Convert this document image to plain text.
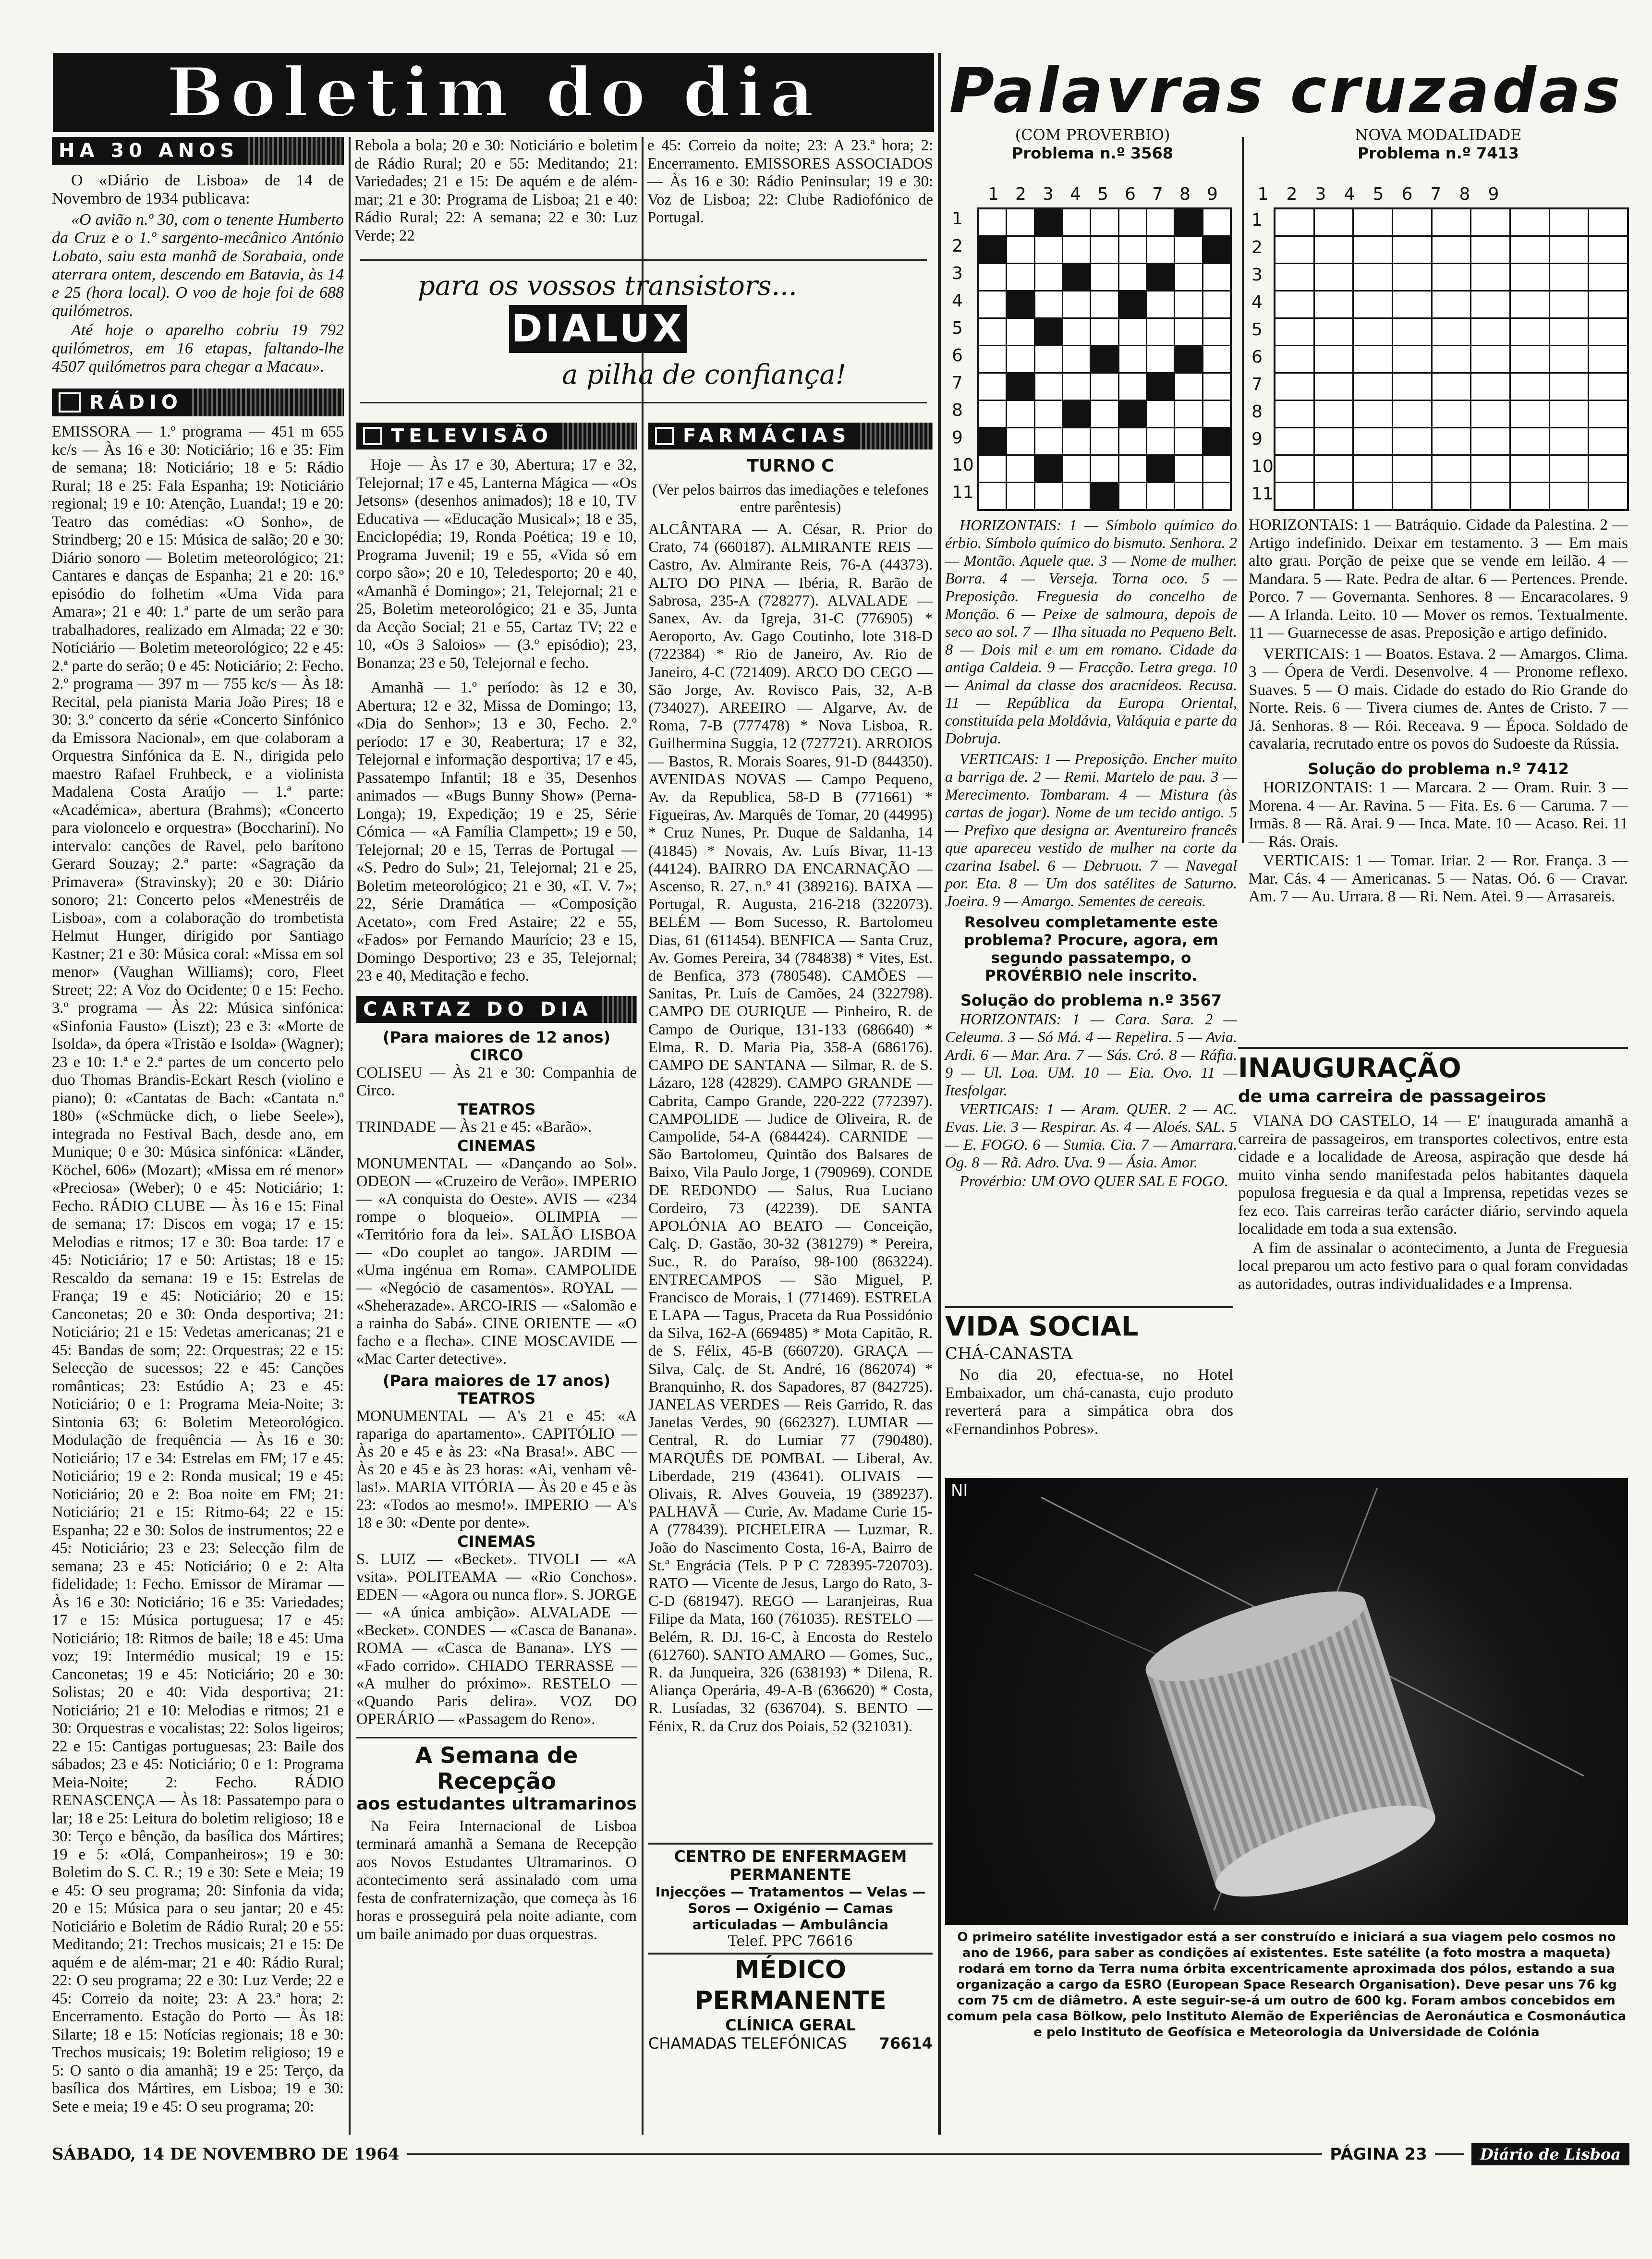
Boletim do dia Palavras cruzadas
HA 30 ANOS

O «Diário de Lisboa» de 14 de Novembro de 1934 publicava:

«O avião n.º 30, com o tenente Humberto da Cruz e o 1.º sargento-mecânico António Lobato, saiu esta manhã de Sorabaia, onde aterrara ontem, descendo em Batavia, às 14 e 25 (hora local). O voo de hoje foi de 688 quilómetros.

Até hoje o aparelho cobriu 19 792 quilómetros, em 16 etapas, faltando-lhe 4507 quilómetros para chegar a Macau».

RÁDIO
EMISSORA — 1.º programa — 451 m 655 kc/s — Às 16 e 30: Noticiário; 16 e 35: Fim de semana; 18: Noticiário; 18 e 5: Rádio Rural; 18 e 25: Fala Espanha; 19: Noticiário regional; 19 e 10: Atenção, Luanda!; 19 e 20: Teatro das comédias: «O Sonho», de Strindberg; 20 e 15: Música de salão; 20 e 30: Diário sonoro — Boletim meteorológico; 21: Cantares e danças de Espanha; 21 e 20: 16.º episódio do folhetim «Uma Vida para Amara»; 21 e 40: 1.ª parte de um serão para trabalhadores, realizado em Almada; 22 e 30: Noticiário — Boletim meteorológico; 22 e 45: 2.ª parte do serão; 0 e 45: Noticiário; 2: Fecho. 2.º programa — 397 m — 755 kc/s — Às 18: Recital, pela pianista Maria João Pires; 18 e 30: 3.º concerto da série «Concerto Sinfónico da Emissora Nacional», em que colaboram a Orquestra Sinfónica da E. N., dirigida pelo maestro Rafael Fruhbeck, e a violinista Madalena Costa Araújo — 1.ª parte: «Académica», abertura (Brahms); «Concerto para violoncelo e orquestra» (Bocchariní). No intervalo: canções de Ravel, pelo barítono Gerard Souzay; 2.ª parte: «Sagração da Primavera» (Stravinsky); 20 e 30: Diário sonoro; 21: Concerto pelos «Menestréis de Lisboa», com a colaboração do trombetista Helmut Hunger, dirigido por Santiago Kastner; 21 e 30: Música coral: «Missa em sol menor» (Vaughan Williams); coro, Fleet Street; 22: A Voz do Ocidente; 0 e 15: Fecho. 3.º programa — Às 22: Música sinfónica: «Sinfonia Fausto» (Liszt); 23 e 3: «Morte de Isolda», da ópera «Tristão e Isolda» (Wagner); 23 e 10: 1.ª e 2.ª partes de um concerto pelo duo Thomas Brandis-Eckart Resch (violino e piano); 0: «Cantatas de Bach: «Cantata n.º 180» («Schmücke dich, o liebe Seele»), integrada no Festival Bach, desde ano, em Munique; 0 e 30: Música sinfónica: «Länder, Köchel, 606» (Mozart); «Missa em ré menor» «Preciosa» (Weber); 0 e 45: Noticiário; 1: Fecho. RÁDIO CLUBE — Às 16 e 15: Final de semana; 17: Discos em voga; 17 e 15: Melodias e ritmos; 17 e 30: Boa tarde: 17 e 45: Noticiário; 17 e 50: Artistas; 18 e 15: Rescaldo da semana: 19 e 15: Estrelas de França; 19 e 45: Noticiário; 20 e 15: Canconetas; 20 e 30: Onda desportiva; 21: Noticiário; 21 e 15: Vedetas americanas; 21 e 45: Bandas de som; 22: Orquestras; 22 e 15: Selecção de sucessos; 22 e 45: Canções românticas; 23: Estúdio A; 23 e 45: Noticiário; 0 e 1: Programa Meia-Noite; 3: Sintonia 63; 6: Boletim Meteorológico. Modulação de frequência — Às 16 e 30: Noticiário; 17 e 34: Estrelas em FM; 17 e 45: Noticiário; 19 e 2: Ronda musical; 19 e 45: Noticiário; 20 e 2: Boa noite em FM; 21: Noticiário; 21 e 15: Ritmo-64; 22 e 15: Espanha; 22 e 30: Solos de instrumentos; 22 e 45: Noticiário; 23 e 23: Selecção film de semana; 23 e 45: Noticiário; 0 e 2: Alta fidelidade; 1: Fecho. Emissor de Miramar — Às 16 e 30: Noticiário; 16 e 35: Variedades; 17 e 15: Música portuguesa; 17 e 45: Noticiário; 18: Ritmos de baile; 18 e 45: Uma voz; 19: Intermédio musical; 19 e 15: Canconetas; 19 e 45: Noticiário; 20 e 30: Solistas; 20 e 40: Vida desportiva; 21: Noticiário; 21 e 10: Melodias e ritmos; 21 e 30: Orquestras e vocalistas; 22: Solos ligeiros; 22 e 15: Cantigas portuguesas; 23: Baile dos sábados; 23 e 45: Noticiário; 0 e 1: Programa Meia-Noite; 2: Fecho. RÁDIO RENASCENÇA — Às 18: Passatempo para o lar; 18 e 25: Leitura do boletim religioso; 18 e 30: Terço e bênção, da basílica dos Mártires; 19 e 5: «Olá, Companheiros»; 19 e 30: Boletim do S. C. R.; 19 e 30: Sete e Meia; 19 e 45: O seu programa; 20: Sinfonia da vida; 20 e 15: Música para o seu jantar; 20 e 45: Noticiário e Boletim de Rádio Rural; 20 e 55: Meditando; 21: Trechos musicais; 21 e 15: De aquém e de além-mar; 21 e 40: Rádio Rural; 22: O seu programa; 22 e 30: Luz Verde; 22 e 45: Correio da noite; 23: A 23.ª hora; 2: Encerramento. Estação do Porto — Às 18: Silarte; 18 e 15: Notícias regionais; 18 e 30: Trechos musicais; 19: Boletim religioso; 19 e 5: O santo o dia amanhã; 19 e 25: Terço, da basílica dos Mártires, em Lisboa; 19 e 30: Sete e meia; 19 e 45: O seu programa; 20:
Rebola a bola; 20 e 30: Noticiário e boletim de Rádio Rural; 20 e 55: Meditando; 21: Variedades; 21 e 15: De aquém e de além-mar; 21 e 30: Programa de Lisboa; 21 e 40: Rádio Rural; 22: A semana; 22 e 30: Luz Verde; 22
e 45: Correio da noite; 23: A 23.ª hora; 2: Encerramento. EMISSORES ASSOCIADOS — Às 16 e 30: Rádio Peninsular; 19 e 30: Voz de Lisboa; 22: Clube Radiofónico de Portugal.
para os vossos transistors...
DIALUX
a pilha de confiança!
TELEVISÃO

Hoje — Às 17 e 30, Abertura; 17 e 32, Telejornal; 17 e 45, Lanterna Mágica — «Os Jetsons» (desenhos animados); 18 e 10, TV Educativa — «Educação Musical»; 18 e 35, Enciclopédia; 19, Ronda Poética; 19 e 10, Programa Juvenil; 19 e 55, «Vida só em corpo são»; 20 e 10, Teledesporto; 20 e 40, «Amanhã é Domingo»; 21, Telejornal; 21 e 25, Boletim meteorológico; 21 e 35, Junta da Acção Social; 21 e 55, Cartaz TV; 22 e 10, «Os 3 Saloios» — (3.º episódio); 23, Bonanza; 23 e 50, Telejornal e fecho.

Amanhã — 1.º período: às 12 e 30, Abertura; 12 e 32, Missa de Domingo; 13, «Dia do Senhor»; 13 e 30, Fecho. 2.º período: 17 e 30, Reabertura; 17 e 32, Telejornal e informação desportiva; 17 e 45, Passatempo Infantil; 18 e 35, Desenhos animados — «Bugs Bunny Show» (Perna-Longa); 19, Expedição; 19 e 25, Série Cómica — «A Família Clampett»; 19 e 50, Telejornal; 20 e 15, Terras de Portugal — «S. Pedro do Sul»; 21, Telejornal; 21 e 25, Boletim meteorológico; 21 e 30, «T. V. 7»; 22, Série Dramática — «Composição Acetato», com Fred Astaire; 22 e 55, «Fados» por Fernando Maurício; 23 e 15, Domingo Desportivo; 23 e 35, Telejornal; 23 e 40, Meditação e fecho.

CARTAZ DO DIA
(Para maiores de 12 anos)
CIRCO

COLISEU — Às 21 e 30: Companhia de Circo.

TEATROS

TRINDADE — Às 21 e 45: «Barão».

CINEMAS

MONUMENTAL — «Dançando ao Sol». ODEON — «Cruzeiro de Verão». IMPERIO — «A conquista do Oeste». AVIS — «234 rompe o bloqueio». OLIMPIA — «Território fora da lei». SALÃO LISBOA — «Do couplet ao tango». JARDIM — «Uma ingénua em Roma». CAMPOLIDE — «Negócio de casamentos». ROYAL — «Sheherazade». ARCO-IRIS — «Salomão e a rainha do Sabá». CINE ORIENTE — «O facho e a flecha». CINE MOSCAVIDE — «Mac Carter detective».

(Para maiores de 17 anos)
TEATROS

MONUMENTAL — A's 21 e 45: «A rapariga do apartamento». CAPITÓLIO — Às 20 e 45 e às 23: «Na Brasa!». ABC — Às 20 e 45 e às 23 horas: «Ai, venham vê-las!». MARIA VITÓRIA — Às 20 e 45 e às 23: «Todos ao mesmo!». IMPERIO — A's 18 e 30: «Dente por dente».

CINEMAS

S. LUIZ — «Becket». TIVOLI — «A vsita». POLITEAMA — «Rio Conchos». EDEN — «Agora ou nunca flor». S. JORGE — «A única ambição». ALVALADE — «Becket». CONDES — «Casca de Banana». ROMA — «Casca de Banana». LYS — «Fado corrido». CHIADO TERRASSE — «A mulher do próximo». RESTELO — «Quando Paris delira». VOZ DO OPERÁRIO — «Passagem do Reno».

A Semana de Recepção
aos estudantes ultramarinos
Na Feira Internacional de Lisboa terminará amanhã a Semana de Recepção aos Novos Estudantes Ultramarinos. O acontecimento será assinalado com uma festa de confraternização, que começa às 16 horas e prosseguirá pela noite adiante, com um baile animado por duas orquestras.
FARMÁCIAS
TURNO C
(Ver pelos bairros das imediações e telefones entre parêntesis)
ALCÂNTARA — A. César, R. Prior do Crato, 74 (660187). ALMIRANTE REIS — Castro, Av. Almirante Reis, 76-A (44373). ALTO DO PINA — Ibéria, R. Barão de Sabrosa, 235-A (728277). ALVALADE — Sanex, Av. da Igreja, 31-C (776905) * Aeroporto, Av. Gago Coutinho, lote 318-D (722384) * Rio de Janeiro, Av. Rio de Janeiro, 4-C (721409). ARCO DO CEGO — São Jorge, Av. Rovisco Pais, 32, A-B (734027). AREEIRO — Algarve, Av. de Roma, 7-B (777478) * Nova Lisboa, R. Guilhermina Suggia, 12 (727721). ARROIOS — Bastos, R. Morais Soares, 91-D (844350). AVENIDAS NOVAS — Campo Pequeno, Av. da Republica, 58-D B (771661) * Figueiras, Av. Marquês de Tomar, 20 (44995) * Cruz Nunes, Pr. Duque de Saldanha, 14 (41845) * Novais, Av. Luís Bivar, 11-13 (44124). BAIRRO DA ENCARNAÇÃO — Ascenso, R. 27, n.º 41 (389216). BAIXA — Portugal, R. Augusta, 216-218 (322073). BELÉM — Bom Sucesso, R. Bartolomeu Dias, 61 (611454). BENFICA — Santa Cruz, Av. Gomes Pereira, 34 (784838) * Vites, Est. de Benfica, 373 (780548). CAMÕES — Sanitas, Pr. Luís de Camões, 24 (322798). CAMPO DE OURIQUE — Pinheiro, R. de Campo de Ourique, 131-133 (686640) * Elma, R. D. Maria Pia, 358-A (686176). CAMPO DE SANTANA — Silmar, R. de S. Lázaro, 128 (42829). CAMPO GRANDE — Cabrita, Campo Grande, 220-222 (772397). CAMPOLIDE — Judice de Oliveira, R. de Campolide, 54-A (684424). CARNIDE — São Bartolomeu, Quintão dos Balsares de Baixo, Vila Paulo Jorge, 1 (790969). CONDE DE REDONDO — Salus, Rua Luciano Cordeiro, 73 (42239). DE SANTA APOLÓNIA AO BEATO — Conceição, Calç. D. Gastão, 30-32 (381279) * Pereira, Suc., R. do Paraíso, 98-100 (863224). ENTRECAMPOS — São Miguel, P. Francisco de Morais, 1 (771469). ESTRELA E LAPA — Tagus, Praceta da Rua Possidónio da Silva, 162-A (669485) * Mota Capitão, R. de S. Félix, 45-B (660720). GRAÇA — Silva, Calç. de St. André, 16 (862074) * Branquinho, R. dos Sapadores, 87 (842725). JANELAS VERDES — Reis Garrido, R. das Janelas Verdes, 90 (662327). LUMIAR — Central, R. do Lumiar 77 (790480). MARQUÊS DE POMBAL — Liberal, Av. Liberdade, 219 (43641). OLIVAIS — Olivais, R. Alves Gouveia, 19 (389237). PALHAVÃ — Curie, Av. Madame Curie 15-A (778439). PICHELEIRA — Luzmar, R. João do Nascimento Costa, 16-A, Bairro de St.ª Engrácia (Tels. P P C 728395-720703). RATO — Vicente de Jesus, Largo do Rato, 3-C-D (681947). REGO — Laranjeiras, Rua Filipe da Mata, 160 (761035). RESTELO — Belém, R. DJ. 16-C, à Encosta do Restelo (612760). SANTO AMARO — Gomes, Suc., R. da Junqueira, 326 (638193) * Dilena, R. Aliança Operária, 49-A-B (636620) * Costa, R. Lusíadas, 32 (636704). S. BENTO — Fénix, R. da Cruz dos Poiais, 52 (321031).
CENTRO DE ENFERMAGEM PERMANENTE
Injecções — Tratamentos — Velas — Soros — Oxigénio — Camas articuladas — Ambulância
Telef. PPC 76616
MÉDICO PERMANENTE
CLÍNICA GERAL
CHAMADAS TELEFÓNICAS 76614
(COM PROVERBIO)
Problema n.º 3568
1 2 3 4 5 6 7 8 9
1
2
3
4
5
6
7
8
9
10
11
NOVA MODALIDADE
Problema n.º 7413
1	2	3	4	5	6	7	8	9
1
2
3
4
5
6
7
8
9
10
11

HORIZONTAIS: 1 — Símbolo químico do érbio. Símbolo químico do bismuto. Senhora. 2 — Montão. Aquele que. 3 — Nome de mulher. Borra. 4 — Verseja. Torna oco. 5 — Preposição. Freguesia do concelho de Monção. 6 — Peixe de salmoura, depois de seco ao sol. 7 — Ilha situada no Pequeno Belt. 8 — Dois mil e um em romano. Cidade da antiga Caldeia. 9 — Fracção. Letra grega. 10 — Animal da classe dos aracnídeos. Recusa. 11 — República da Europa Oriental, constituída pela Moldávia, Valáquia e parte da Dobruja.

VERTICAIS: 1 — Preposição. Encher muito a barriga de. 2 — Remi. Martelo de pau. 3 — Merecimento. Tombaram. 4 — Mistura (às cartas de jogar). Nome de um tecido antigo. 5 — Prefixo que designa ar. Aventureiro francês que apareceu vestido de mulher na corte da czarina Isabel. 6 — Debruou. 7 — Navegal por. Eta. 8 — Um dos satélites de Saturno. Joeira. 9 — Amargo. Sementes de cereais.

Resolveu completamente este problema? Procure, agora, em segundo passatempo, o PROVÉRBIO nele inscrito.

Solução do problema n.º 3567

HORIZONTAIS: 1 — Cara. Sara. 2 — Celeuma. 3 — Só Má. 4 — Repelira. 5 — Avia. Ardi. 6 — Mar. Ara. 7 — Sás. Cró. 8 — Ráfia. 9 — Ul. Loa. UM. 10 — Eia. Ovo. 11 — Itesfolgar.

VERTICAIS: 1 — Aram. QUER. 2 — AC. Evas. Lie. 3 — Respirar. As. 4 — Aloés. SAL. 5 — E. FOGO. 6 — Sumia. Cia. 7 — Amarrara. Og. 8 — Rã. Adro. Uva. 9 — Ásia. Amor.

Provérbio: UM OVO QUER SAL E FOGO.

HORIZONTAIS: 1 — Batráquio. Cidade da Palestina. 2 — Artigo indefinido. Deixar em testamento. 3 — Em mais alto grau. Porção de peixe que se vende em leilão. 4 — Mandara. 5 — Rate. Pedra de altar. 6 — Pertences. Prende. Porco. 7 — Governanta. Senhores. 8 — Encaracolares. 9 — A Irlanda. Leito. 10 — Mover os remos. Textualmente. 11 — Guarnecesse de asas. Preposição e artigo definido.

VERTICAIS: 1 — Boatos. Estava. 2 — Amargos. Clima. 3 — Ópera de Verdi. Desenvolve. 4 — Pronome reflexo. Suaves. 5 — O mais. Cidade do estado do Rio Grande do Norte. Reis. 6 — Tivera ciumes de. Antes de Cristo. 7 — Já. Senhoras. 8 — Rói. Receava. 9 — Época. Soldado de cavalaria, recrutado entre os povos do Sudoeste da Rússia.

Solução do problema n.º 7412

HORIZONTAIS: 1 — Marcara. 2 — Oram. Ruir. 3 — Morena. 4 — Ar. Ravina. 5 — Fita. Es. 6 — Caruma. 7 — Irmãs. 8 — Rã. Arai. 9 — Inca. Mate. 10 — Acaso. Rei. 11 — Rás. Orais.

VERTICAIS: 1 — Tomar. Iriar. 2 — Ror. França. 3 — Mar. Cás. 4 — Americanas. 5 — Natas. Oó. 6 — Cravar. Am. 7 — Au. Urrara. 8 — Ri. Nem. Atei. 9 — Arrasareis.

INAUGURAÇÃO
de uma carreira de passageiros

VIANA DO CASTELO, 14 — E' inaugurada amanhã a carreira de passageiros, em transportes colectivos, entre esta cidade e a localidade de Areosa, aspiração que desde há muito vinha sendo manifestada pelos habitantes daquela populosa freguesia e da qual a Imprensa, repetidas vezes se fez eco. Tais carreiras terão carácter diário, servindo aquela localidade em toda a sua extensão.

A fim de assinalar o acontecimento, a Junta de Freguesia local preparou um acto festivo para o qual foram convidadas as autoridades, outras individualidades e a Imprensa.

VIDA SOCIAL
CHÁ-CANASTA
No dia 20, efectua-se, no Hotel Embaixador, um chá-canasta, cujo produto reverterá para a simpática obra dos «Fernandinhos Pobres».
NI
O primeiro satélite investigador está a ser construído e iniciará a sua viagem pelo cosmos no ano de 1966, para saber as condições aí existentes. Este satélite (a foto mostra a maqueta) rodará em torno da Terra numa órbita excentricamente aproximada dos pólos, estando a sua organização a cargo da ESRO (European Space Research Organisation). Deve pesar uns 76 kg com 75 cm de diâmetro. A este seguir-se-á um outro de 600 kg. Foram ambos concebidos em comum pela casa Bölkow, pelo Instituto Alemão de Experiências de Aeronáutica e Cosmonáutica e pelo Instituto de Geofísica e Meteorologia da Universidade de Colónia
SÁBADO, 14 DE NOVEMBRO DE 1964	PÁGINA 23	Diário de Lisboa
